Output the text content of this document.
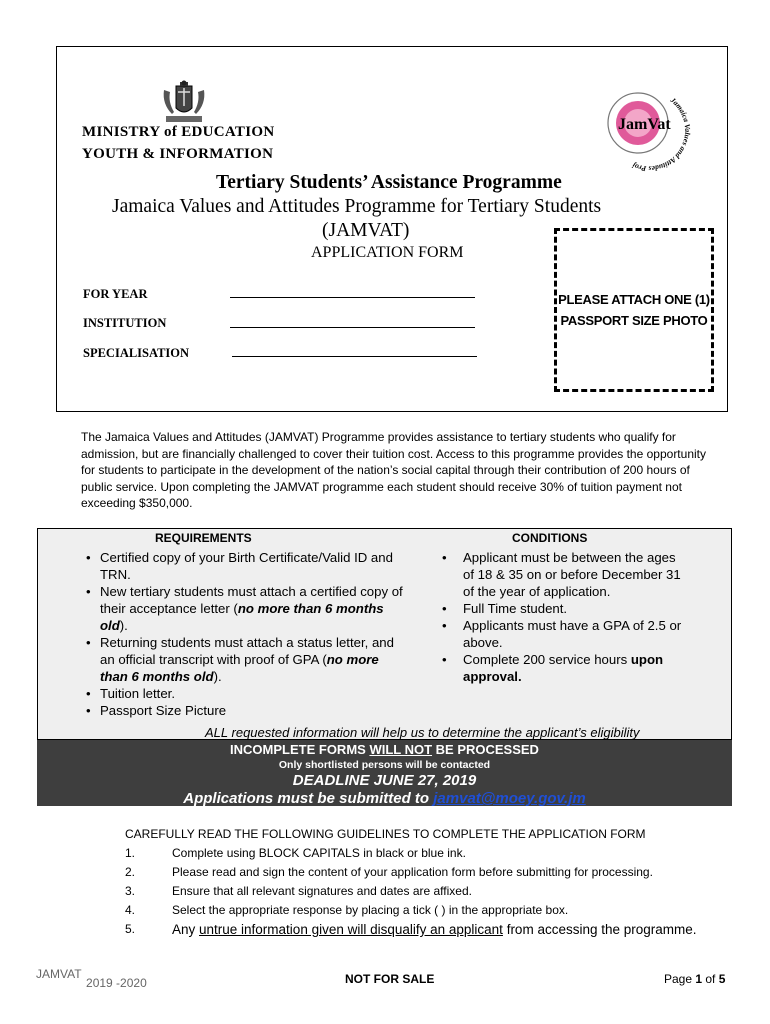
MINISTRY of EDUCATION
YOUTH & INFORMATION
JamVat
Jamaica Values and Attitudes Proj
Tertiary Students’ Assistance Programme
Jamaica Values and Attitudes Programme for Tertiary Students
(JAMVAT)
APPLICATION FORM
FOR YEAR
INSTITUTION
SPECIALISATION
PLEASE ATTACH ONE (1)
PASSPORT SIZE PHOTO
The Jamaica Values and Attitudes (JAMVAT) Programme provides assistance to tertiary students who qualify for admission, but are financially challenged to cover their tuition cost. Access to this programme provides the opportunity for students to participate in the development of the nation’s social capital through their contribution of 200 hours of public service. Upon completing the JAMVAT programme each student should receive 30% of tuition payment not exceeding $350,000.
REQUIREMENTS	CONDITIONS
• Certified copy of your Birth Certificate/Valid ID and TRN.
• New tertiary students must attach a certified copy of their acceptance letter (no more than 6 months old).
• Returning students must attach a status letter, and an official transcript with proof of GPA (no more than 6 months old).
• Tuition letter.
• Passport Size Picture
• Applicant must be between the ages of 18 & 35 on or before December 31 of the year of application.
• Full Time student.
• Applicants must have a GPA of 2.5 or above.
• Complete 200 service hours upon approval.
ALL requested information will help us to determine the applicant’s eligibility
INCOMPLETE FORMS WILL NOT BE PROCESSED
Only shortlisted persons will be contacted
DEADLINE JUNE 27, 2019
Applications must be submitted to jamvat@moey.gov.jm
CAREFULLY READ THE FOLLOWING GUIDELINES TO COMPLETE THE APPLICATION FORM
1.	Complete using BLOCK CAPITALS in black or blue ink.
2.	Please read and sign the content of your application form before submitting for processing.
3.	Ensure that all relevant signatures and dates are affixed.
4.	Select the appropriate response by placing a tick ( ) in the appropriate box.
5.	Any untrue information given will disqualify an applicant from accessing the programme.
JAMVAT $_{2019 -2020}$	NOT FOR SALE	Page 1 of 5
